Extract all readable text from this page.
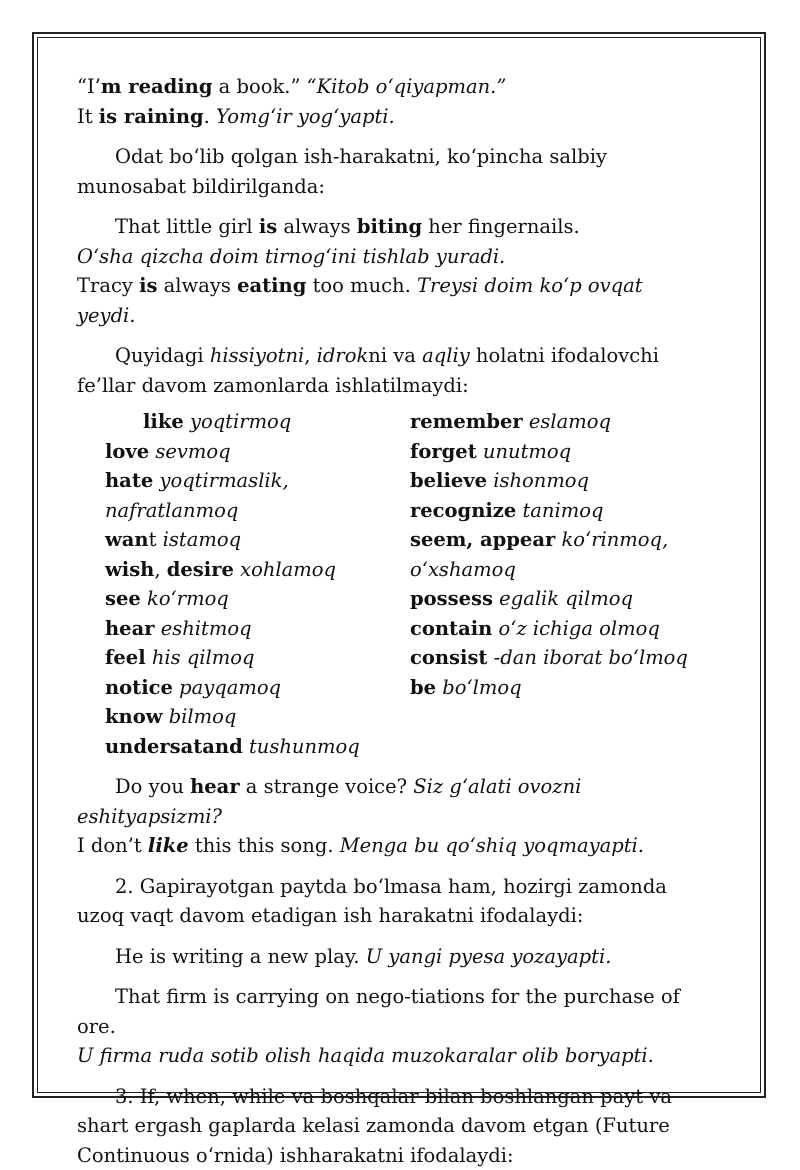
“I’m reading a book.” “Kitob o‘qiyapman.”

It is raining. Yomg‘ir yog‘yapti.

Odat bo‘lib qolgan ish-harakatni, ko‘pincha salbiy munosabat bildirilganda:

That little girl is always biting her fingernails.

O‘sha qizcha doim tirnog‘ini tishlab yuradi.

Tracy is always eating too much. Treysi doim ko‘p ovqat yeydi.

Quyidagi hissiyotni, idrokni va aqliy holatni ifodalovchi fe’llar davom zamonlarda ishlatilmaydi:

like yoqtirmoq
love sevmoq
hate yoqtirmaslik, nafratlanmoq
want istamoq
wish, desire xohlamoq
see ko‘rmoq
hear eshitmoq
feel his qilmoq
notice payqamoq
know bilmoq
undersatand tushunmoq
remember eslamoq
forget unutmoq
believe ishonmoq
recognize tanimoq
seem, appear ko‘rinmoq,
o‘xshamoq
possess egalik qilmoq
contain o‘z ichiga olmoq
consist -dan iborat bo‘lmoq
be bo‘lmoq

Do you hear a strange voice? Siz g‘alati ovozni eshityapsizmi?

I don’t like this this song. Menga bu qo‘shiq yoqmayapti.

2. Gapirayotgan paytda bo‘lmasa ham, hozirgi zamonda uzoq vaqt davom etadigan ish harakatni ifodalaydi:

He is writing a new play. U yangi pyesa yozayapti.

That firm is carrying on nego-tiations for the purchase of ore.

U firma ruda sotib olish haqida muzokaralar olib boryapti.

3. If, when, while va boshqalar bilan boshlangan payt va shart ergash gaplarda kelasi zamonda davom etgan (Future Continuous o‘rnida) ishharakatni ifodalaydi:
